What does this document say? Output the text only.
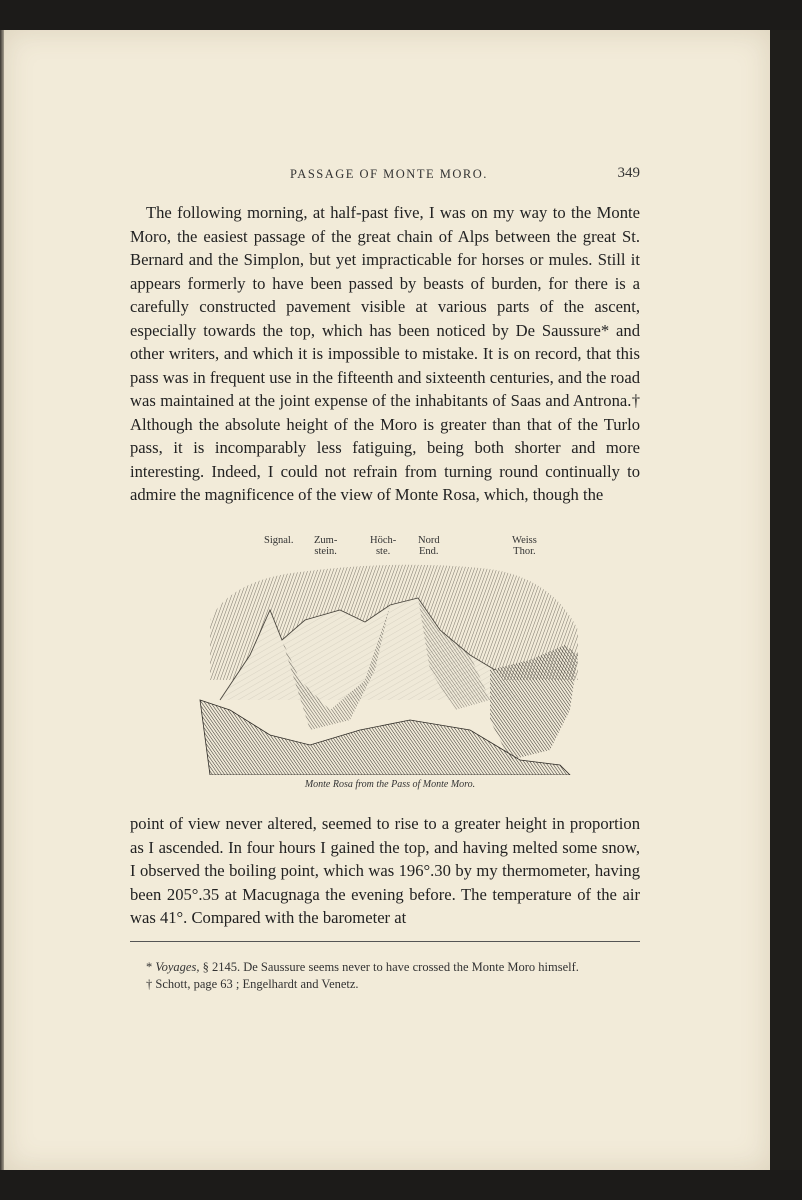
PASSAGE OF MONTE MORO.	349

The following morning, at half-past five, I was on my way to the Monte Moro, the easiest passage of the great chain of Alps between the great St. Bernard and the Simplon, but yet impracticable for horses or mules. Still it appears formerly to have been passed by beasts of burden, for there is a carefully constructed pavement visible at various parts of the ascent, especially towards the top, which has been noticed by De Saussure* and other writers, and which it is impossible to mistake. It is on record, that this pass was in frequent use in the fifteenth and sixteenth centuries, and the road was maintained at the joint expense of the inhabitants of Saas and Antrona.† Although the absolute height of the Moro is greater than that of the Turlo pass, it is incomparably less fatiguing, being both shorter and more interesting. Indeed, I could not refrain from turning round continually to admire the magnificence of the view of Monte Rosa, which, though the

Signal. Zum-
stein.
Höch-
ste.
Nord
End.
Weiss
Thor.
Monte Rosa from the Pass of Monte Moro.

point of view never altered, seemed to rise to a greater height in proportion as I ascended. In four hours I gained the top, and having melted some snow, I observed the boiling point, which was 196°.30 by my thermometer, having been 205°.35 at Macugnaga the evening before. The temperature of the air was 41°. Compared with the barometer at

* Voyages, § 2145. De Saussure seems never to have crossed the Monte Moro himself.
† Schott, page 63 ; Engelhardt and Venetz.
